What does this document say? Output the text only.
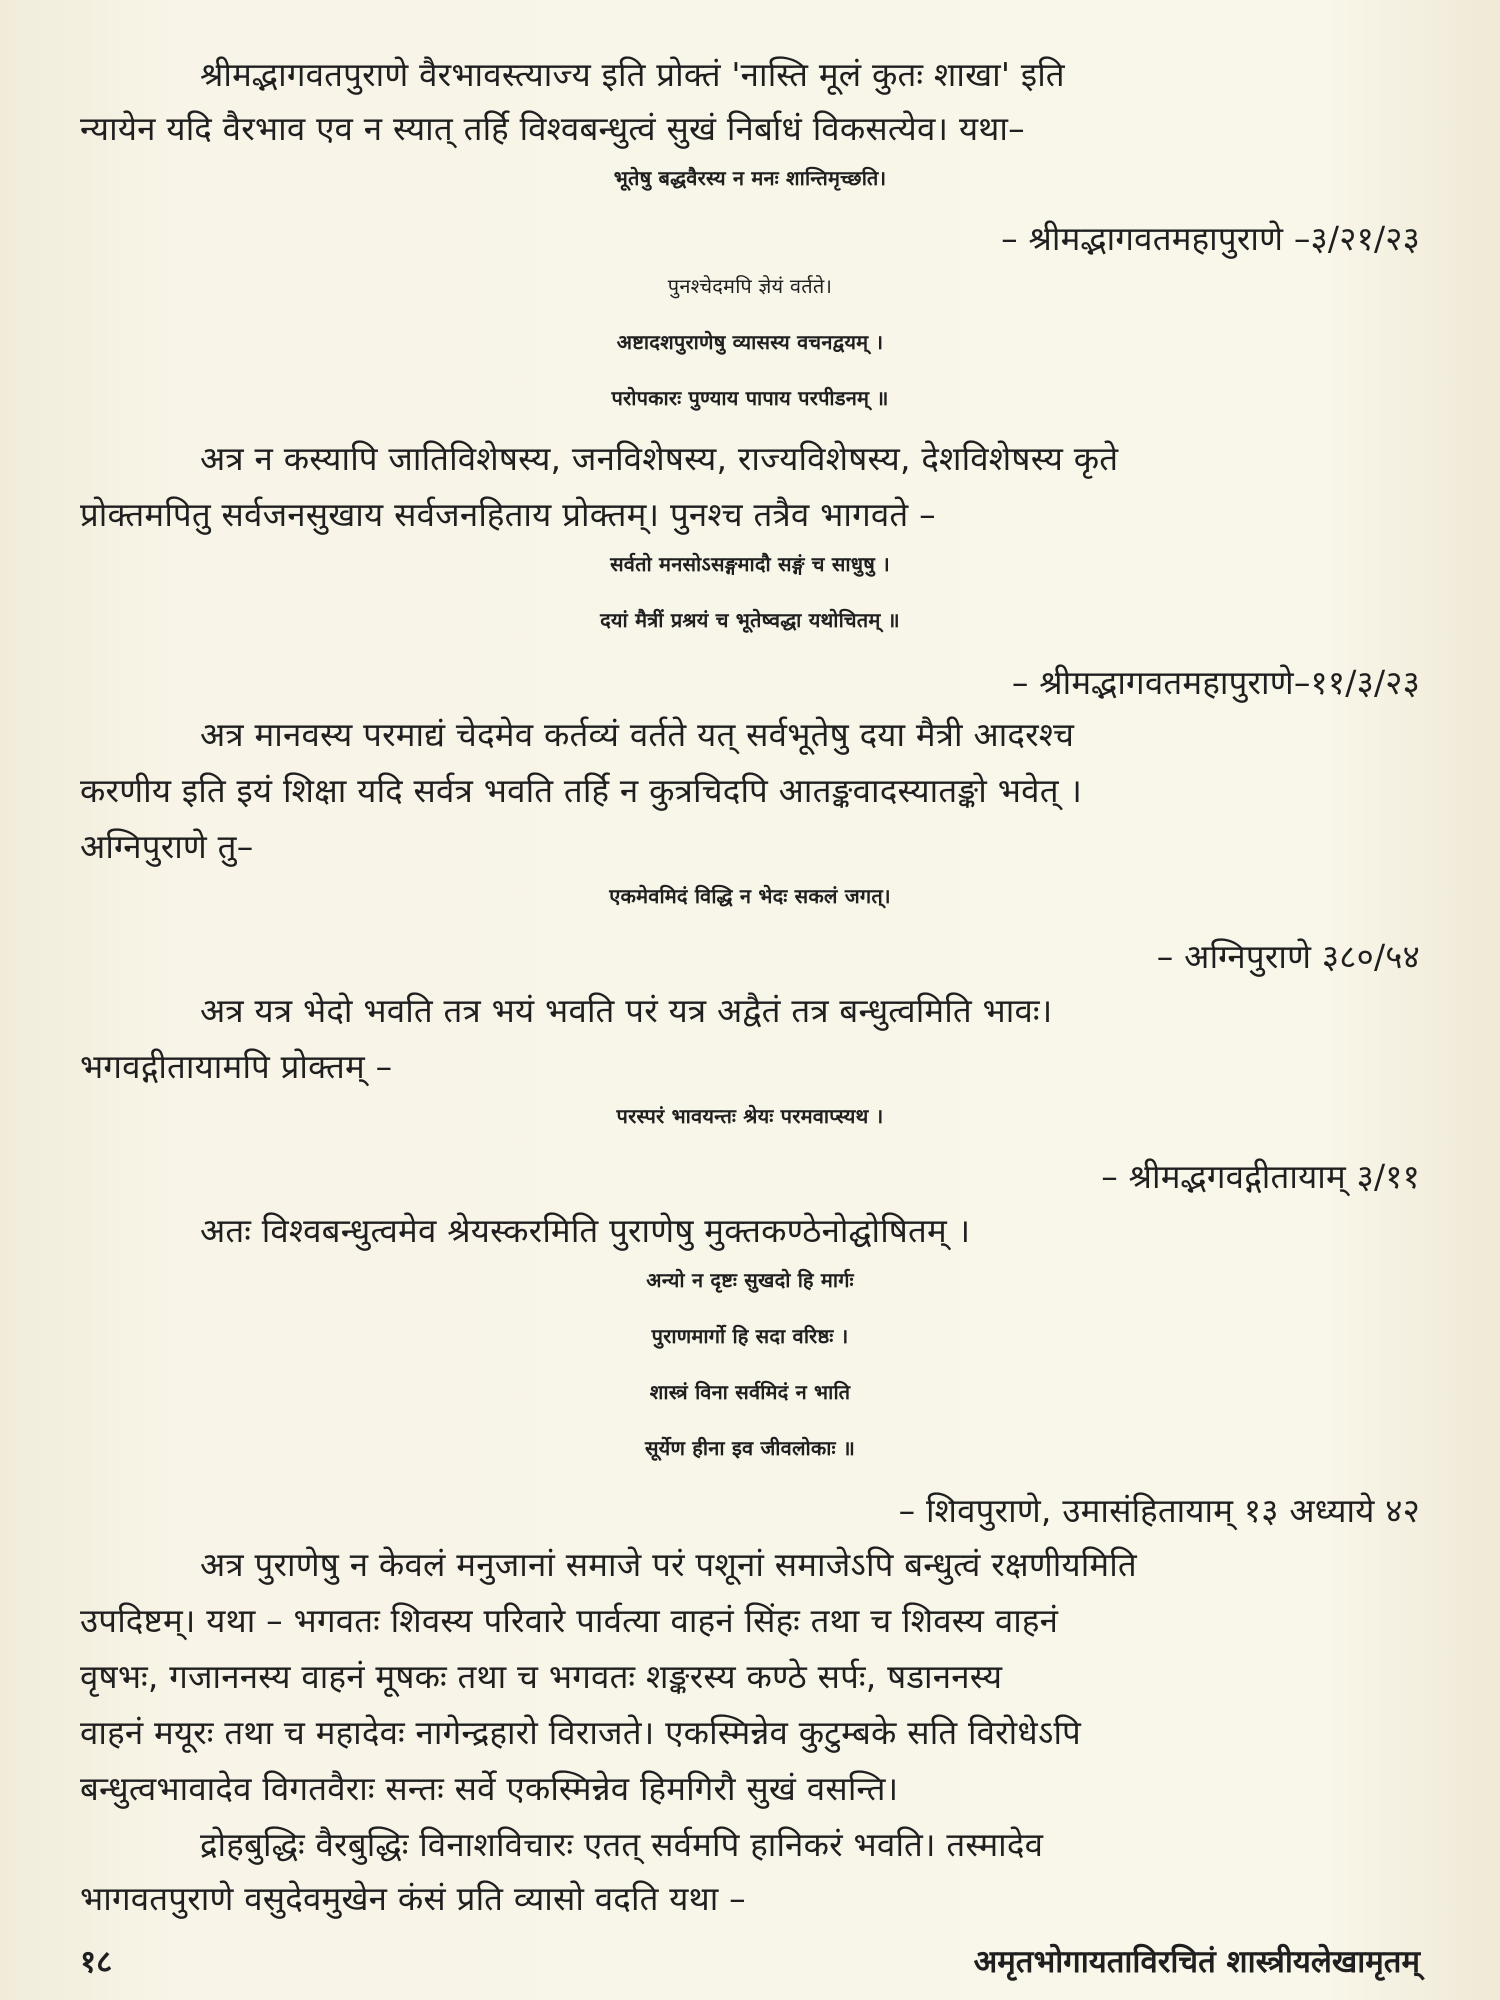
श्रीमद्भागवतपुराणे वैरभावस्त्याज्य इति प्रोक्तं 'नास्ति मूलं कुतः शाखा' इति
न्यायेन यदि वैरभाव एव न स्यात् तर्हि विश्वबन्धुत्वं सुखं निर्बाधं विकसत्येव। यथा–
भूतेषु बद्धवैरस्य न मनः शान्तिमृच्छति।
– श्रीमद्भागवतमहापुराणे –३/२१/२३
पुनश्चेदमपि ज्ञेयं वर्तते।
अष्टादशपुराणेषु व्यासस्य वचनद्वयम् ।
परोपकारः पुण्याय पापाय परपीडनम् ॥
अत्र न कस्यापि जातिविशेषस्य, जनविशेषस्य, राज्यविशेषस्य, देशविशेषस्य कृते
प्रोक्तमपितु सर्वजनसुखाय सर्वजनहिताय प्रोक्तम्। पुनश्च तत्रैव भागवते –
सर्वतो मनसोऽसङ्गमादौ सङ्गं च साधुषु ।
दयां मैत्रीं प्रश्रयं च भूतेष्वद्धा यथोचितम् ॥
– श्रीमद्भागवतमहापुराणे–११/३/२३
अत्र मानवस्य परमाद्यं चेदमेव कर्तव्यं वर्तते यत् सर्वभूतेषु दया मैत्री आदरश्च
करणीय इति इयं शिक्षा यदि सर्वत्र भवति तर्हि न कुत्रचिदपि आतङ्कवादस्यातङ्को भवेत् ।
अग्निपुराणे तु–
एकमेवमिदं विद्धि न भेदः सकलं जगत्।
– अग्निपुराणे ३८०/५४
अत्र यत्र भेदो भवति तत्र भयं भवति परं यत्र अद्वैतं तत्र बन्धुत्वमिति भावः।
भगवद्गीतायामपि प्रोक्तम् –
परस्परं भावयन्तः श्रेयः परमवाप्स्यथ ।
– श्रीमद्भगवद्गीतायाम् ३/११
अतः विश्वबन्धुत्वमेव श्रेयस्करमिति पुराणेषु मुक्तकण्ठेनोद्घोषितम् ।
अन्यो न दृष्टः सुखदो हि मार्गः
पुराणमार्गो हि सदा वरिष्ठः ।
शास्त्रं विना सर्वमिदं न भाति
सूर्येण हीना इव जीवलोकाः ॥
– शिवपुराणे, उमासंहितायाम् १३ अध्याये ४२
अत्र पुराणेषु न केवलं मनुजानां समाजे परं पशूनां समाजेऽपि बन्धुत्वं रक्षणीयमिति
उपदिष्टम्। यथा – भगवतः शिवस्य परिवारे पार्वत्या वाहनं सिंहः तथा च शिवस्य वाहनं
वृषभः, गजाननस्य वाहनं मूषकः तथा च भगवतः शङ्करस्य कण्ठे सर्पः, षडाननस्य
वाहनं मयूरः तथा च महादेवः नागेन्द्रहारो विराजते। एकस्मिन्नेव कुटुम्बके सति विरोधेऽपि
बन्धुत्वभावादेव विगतवैराः सन्तः सर्वे एकस्मिन्नेव हिमगिरौ सुखं वसन्ति।
द्रोहबुद्धिः वैरबुद्धिः विनाशविचारः एतत् सर्वमपि हानिकरं भवति। तस्मादेव
भागवतपुराणे वसुदेवमुखेन कंसं प्रति व्यासो वदति यथा –
१८	अमृतभोगायताविरचितं शास्त्रीयलेखामृतम्
